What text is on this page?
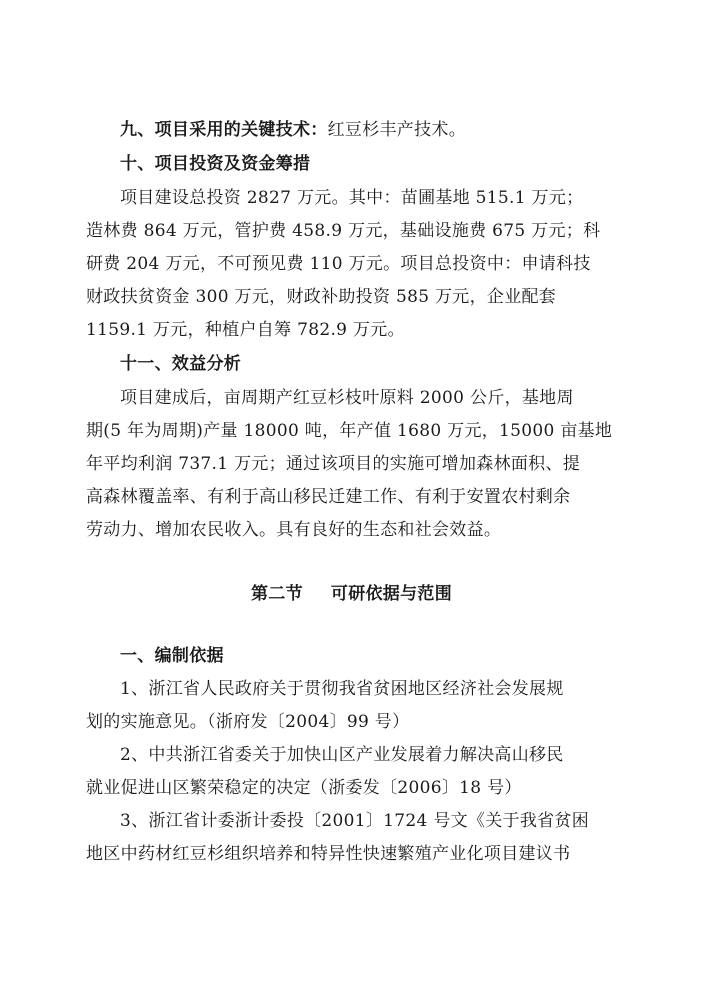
九、项目采用的关键技术：红豆杉丰产技术。
十、项目投资及资金筹措
项目建设总投资 2827 万元。其中：苗圃基地 515.1 万元；
造林费 864 万元，管护费 458.9 万元，基础设施费 675 万元；科
研费 204 万元，不可预见费 110 万元。项目总投资中：申请科技
财政扶贫资金 300 万元，财政补助投资 585 万元，企业配套
1159.1 万元，种植户自筹 782.9 万元。
十一、效益分析
项目建成后，亩周期产红豆杉枝叶原料 2000 公斤，基地周
期(5 年为周期)产量 18000 吨，年产值 1680 万元，15000 亩基地
年平均利润 737.1 万元；通过该项目的实施可增加森林面积、提
高森林覆盖率、有利于高山移民迁建工作、有利于安置农村剩余
劳动力、增加农民收入。具有良好的生态和社会效益。
第二节 可研依据与范围
一、编制依据
1、浙江省人民政府关于贯彻我省贫困地区经济社会发展规
划的实施意见。（浙府发〔2004〕99 号）
2、中共浙江省委关于加快山区产业发展着力解决高山移民
就业促进山区繁荣稳定的决定（浙委发〔2006〕18 号）
3、浙江省计委浙计委投〔2001〕1724 号文《关于我省贫困
地区中药材红豆杉组织培养和特异性快速繁殖产业化项目建议书
